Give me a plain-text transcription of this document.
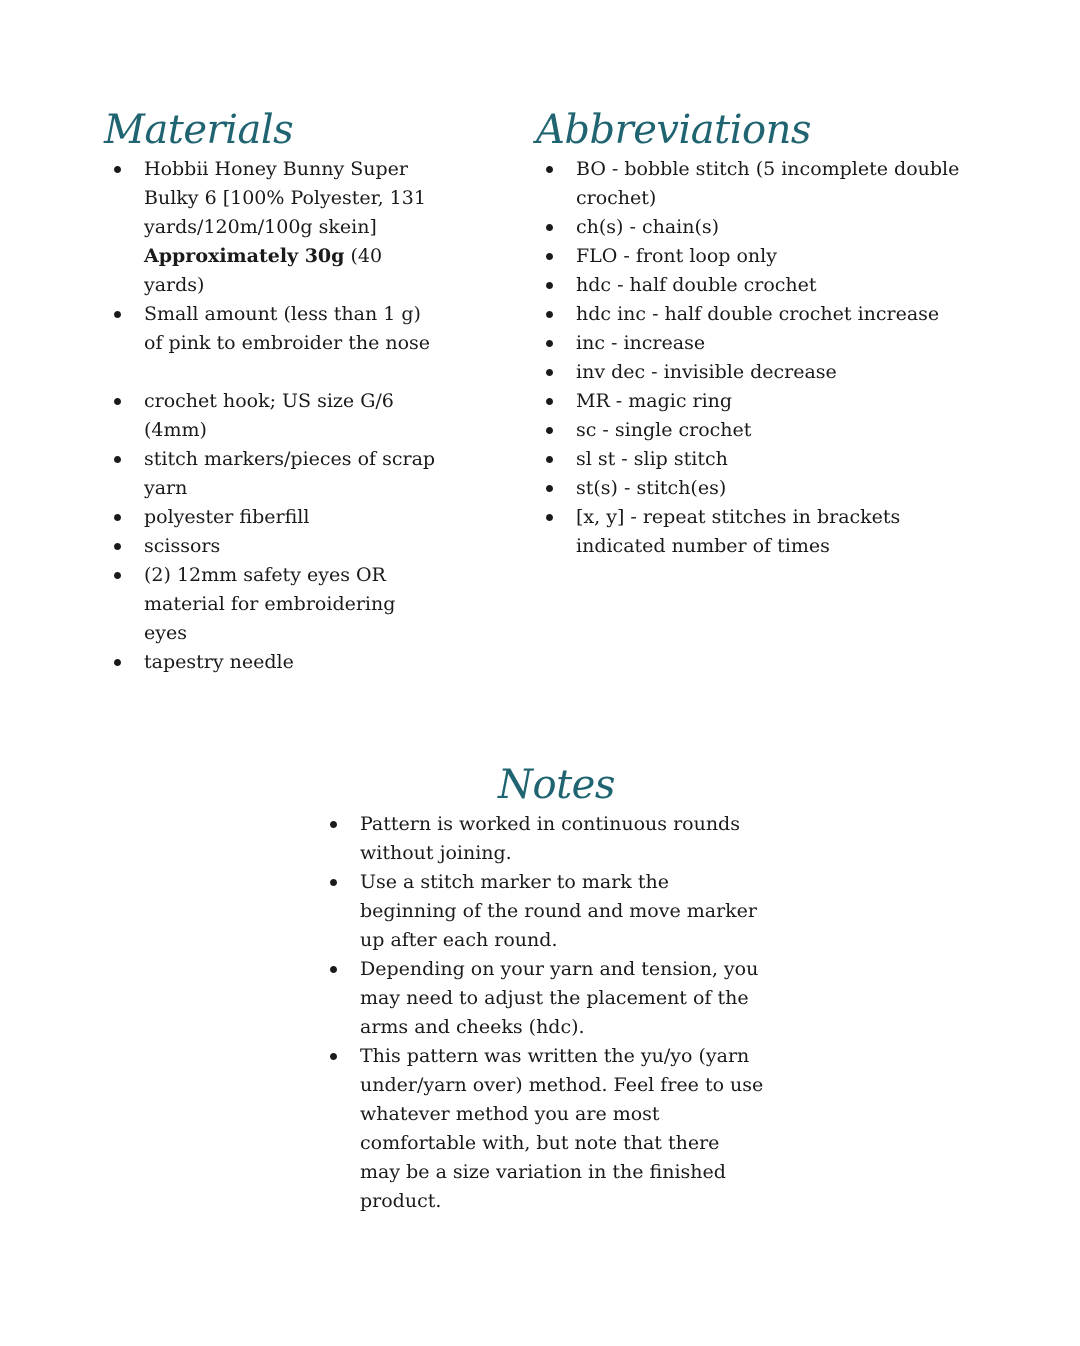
Materials
Hobbii Honey Bunny Super Bulky 6 [100% Polyester, 131 yards/120m/100g skein] Approximately 30g (40 yards)
Small amount (less than 1 g) of pink to embroider the nose
crochet hook; US size G/6 (4mm)
stitch markers/pieces of scrap yarn
polyester fiberfill
scissors
(2) 12mm safety eyes OR material for embroidering eyes
tapestry needle
Abbreviations
BO - bobble stitch (5 incomplete double crochet)
ch(s) - chain(s)
FLO - front loop only
hdc - half double crochet
hdc inc - half double crochet increase
inc - increase
inv dec - invisible decrease
MR - magic ring
sc - single crochet
sl st - slip stitch
st(s) - stitch(es)
[x, y] - repeat stitches in brackets indicated number of times
Notes
Pattern is worked in continuous rounds without joining.
Use a stitch marker to mark the beginning of the round and move marker up after each round.
Depending on your yarn and tension, you may need to adjust the placement of the arms and cheeks (hdc).
This pattern was written the yu/yo (yarn under/yarn over) method. Feel free to use whatever method you are most comfortable with, but note that there may be a size variation in the finished product.
